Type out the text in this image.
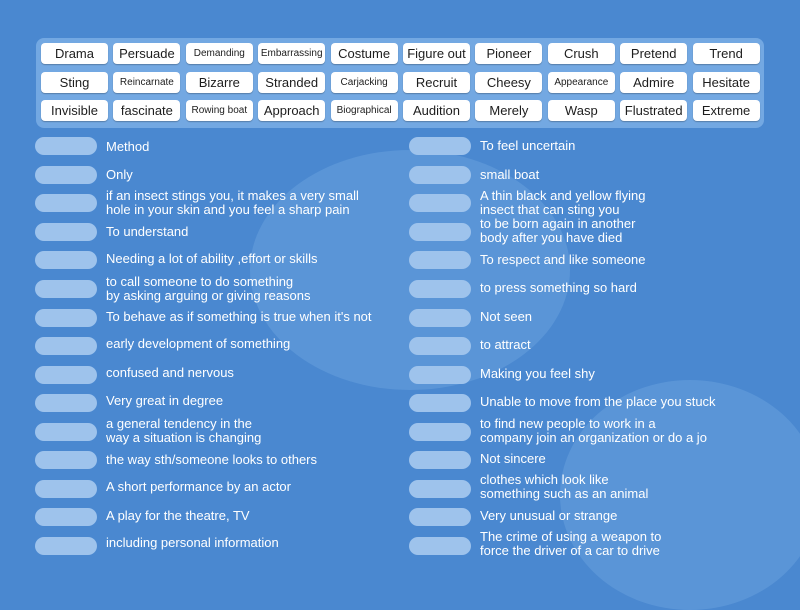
Drama	Persuade	Demanding	Embarrassing	Costume	Figure out	Pioneer	Crush	Pretend	Trend
Sting	Reincarnate	Bizarre	Stranded	Carjacking	Recruit	Cheesy	Appearance	Admire	Hesitate
Invisible	fascinate	Rowing boat	Approach	Biographical	Audition	Merely	Wasp	Flustrated	Extreme
Method
Only
if an insect stings you, it makes a very small
hole in your skin and you feel a sharp pain
To understand
Needing a lot of ability ,effort or skills
to call someone to do something
by asking arguing or giving reasons
To behave as if something is true when it's not
early development of something
confused and nervous
Very great in degree
a general tendency in the
way a situation is changing
the way sth/someone looks to others
A short performance by an actor
A play for the theatre, TV
including personal information
To feel uncertain
small boat
A thin black and yellow flying
insect that can sting you
to be born again in another
body after you have died
To respect and like someone
to press something so hard
Not seen
to attract
Making you feel shy
Unable to move from the place you stuck
to find new people to work in a
company join an organization or do a jo
Not sincere
clothes which look like
something such as an animal
Very unusual or strange
The crime of using a weapon to
force the driver of a car to drive
